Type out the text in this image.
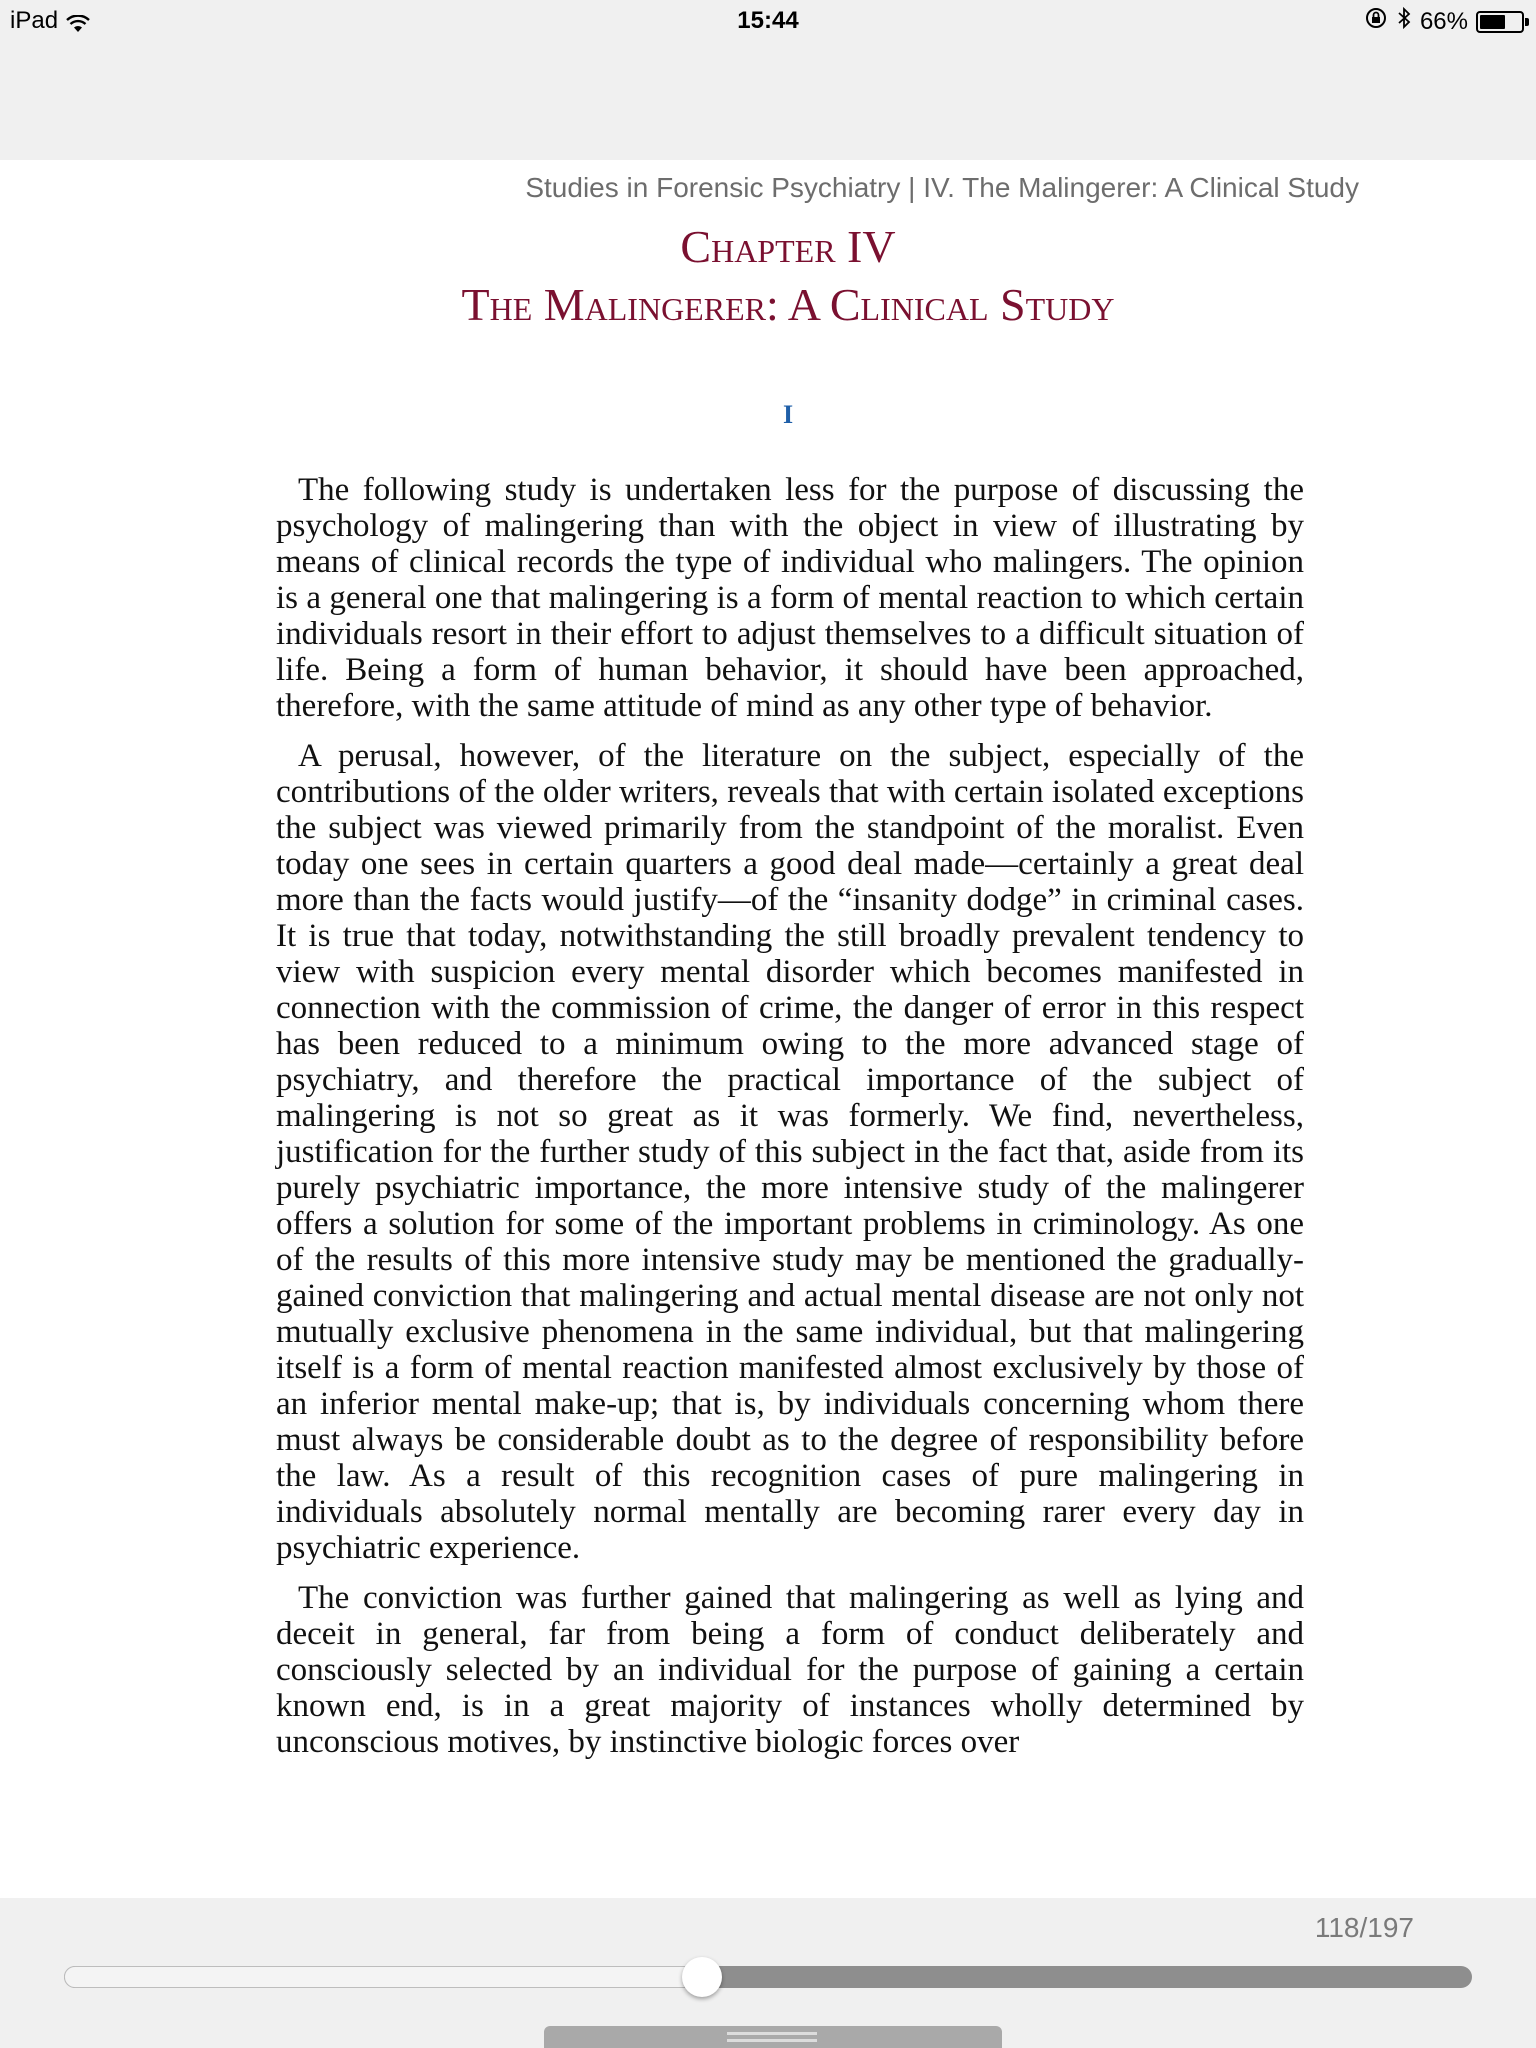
iPad	15:44	66%
Studies in Forensic Psychiatry | IV. The Malingerer: A Clinical Study
Chapter IV
The Malingerer: A Clinical Study
I

The following study is undertaken less for the purpose of discussing the psychology of malingering than with the object in view of illustrating by means of clinical records the type of individual who malingers. The opinion is a general one that malingering is a form of mental reaction to which certain individuals resort in their effort to adjust themselves to a difficult situation of life. Being a form of human behavior, it should have been approached, therefore, with the same attitude of mind as any other type of behavior.

A perusal, however, of the literature on the subject, especially of the contributions of the older writers, reveals that with certain isolated exceptions the subject was viewed primarily from the standpoint of the moralist. Even today one sees in certain quarters a good deal made—certainly a great deal more than the facts would justify—of the “insanity dodge” in criminal cases. It is true that today, notwithstanding the still broadly prevalent tendency to view with suspicion every mental disorder which becomes manifested in connection with the commission of crime, the danger of error in this respect has been reduced to a minimum owing to the more advanced stage of psychiatry, and therefore the practical importance of the subject of malingering is not so great as it was formerly. We find, nevertheless, justification for the further study of this subject in the fact that, aside from its purely psychiatric importance, the more intensive study of the malingerer offers a solution for some of the important problems in criminology. As one of the results of this more intensive study may be mentioned the gradually-gained conviction that malingering and actual mental disease are not only not mutually exclusive phenomena in the same individual, but that malingering itself is a form of mental reaction manifested almost exclusively by those of an inferior mental make-up; that is, by individuals concerning whom there must always be considerable doubt as to the degree of responsibility before the law. As a result of this recognition cases of pure malingering in individuals absolutely normal mentally are becoming rarer every day in psychiatric experience.

The conviction was further gained that malingering as well as lying and deceit in general, far from being a form of conduct deliberately and consciously selected by an individual for the purpose of gaining a certain known end, is in a great majority of instances wholly determined by unconscious motives, by instinctive biologic forces over

118/197
